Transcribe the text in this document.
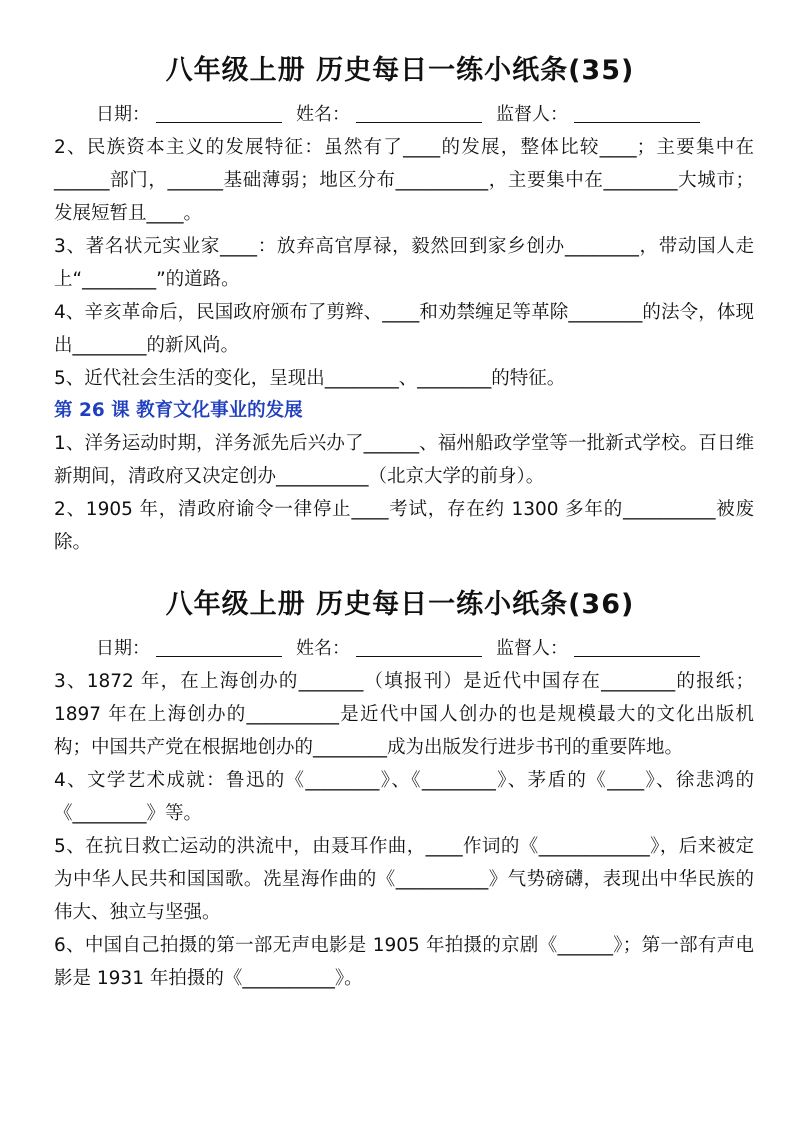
八年级上册 历史每日一练小纸条(35)
日期：	姓名：	监督人：

2、民族资本主义的发展特征：虽然有了____的发展，整体比较____；主要集中在______部门，______基础薄弱；地区分布__________，主要集中在________大城市；发展短暂且____。

3、著名状元实业家____：放弃高官厚禄，毅然回到家乡创办________，带动国人走上“________”的道路。

4、辛亥革命后，民国政府颁布了剪辫、____和劝禁缠足等革除________的法令，体现出________的新风尚。

5、近代社会生活的变化，呈现出________、________的特征。

第 26 课 教育文化事业的发展

1、洋务运动时期，洋务派先后兴办了______、福州船政学堂等一批新式学校。百日维新期间，清政府又决定创办__________（北京大学的前身）。

2、1905 年，清政府谕令一律停止____考试，存在约 1300 多年的__________被废除。

八年级上册 历史每日一练小纸条(36)
日期：	姓名：	监督人：

3、1872 年，在上海创办的_______（填报刊）是近代中国存在________的报纸；1897 年在上海创办的__________是近代中国人创办的也是规模最大的文化出版机构；中国共产党在根据地创办的________成为出版发行进步书刊的重要阵地。

4、文学艺术成就：鲁迅的《________》、《________》、茅盾的《____》、徐悲鸿的《________》等。

5、在抗日救亡运动的洪流中，由聂耳作曲，____作词的《____________》，后来被定为中华人民共和国国歌。冼星海作曲的《__________》气势磅礴，表现出中华民族的伟大、独立与坚强。

6、中国自己拍摄的第一部无声电影是 1905 年拍摄的京剧《______》；第一部有声电影是 1931 年拍摄的《__________》。
